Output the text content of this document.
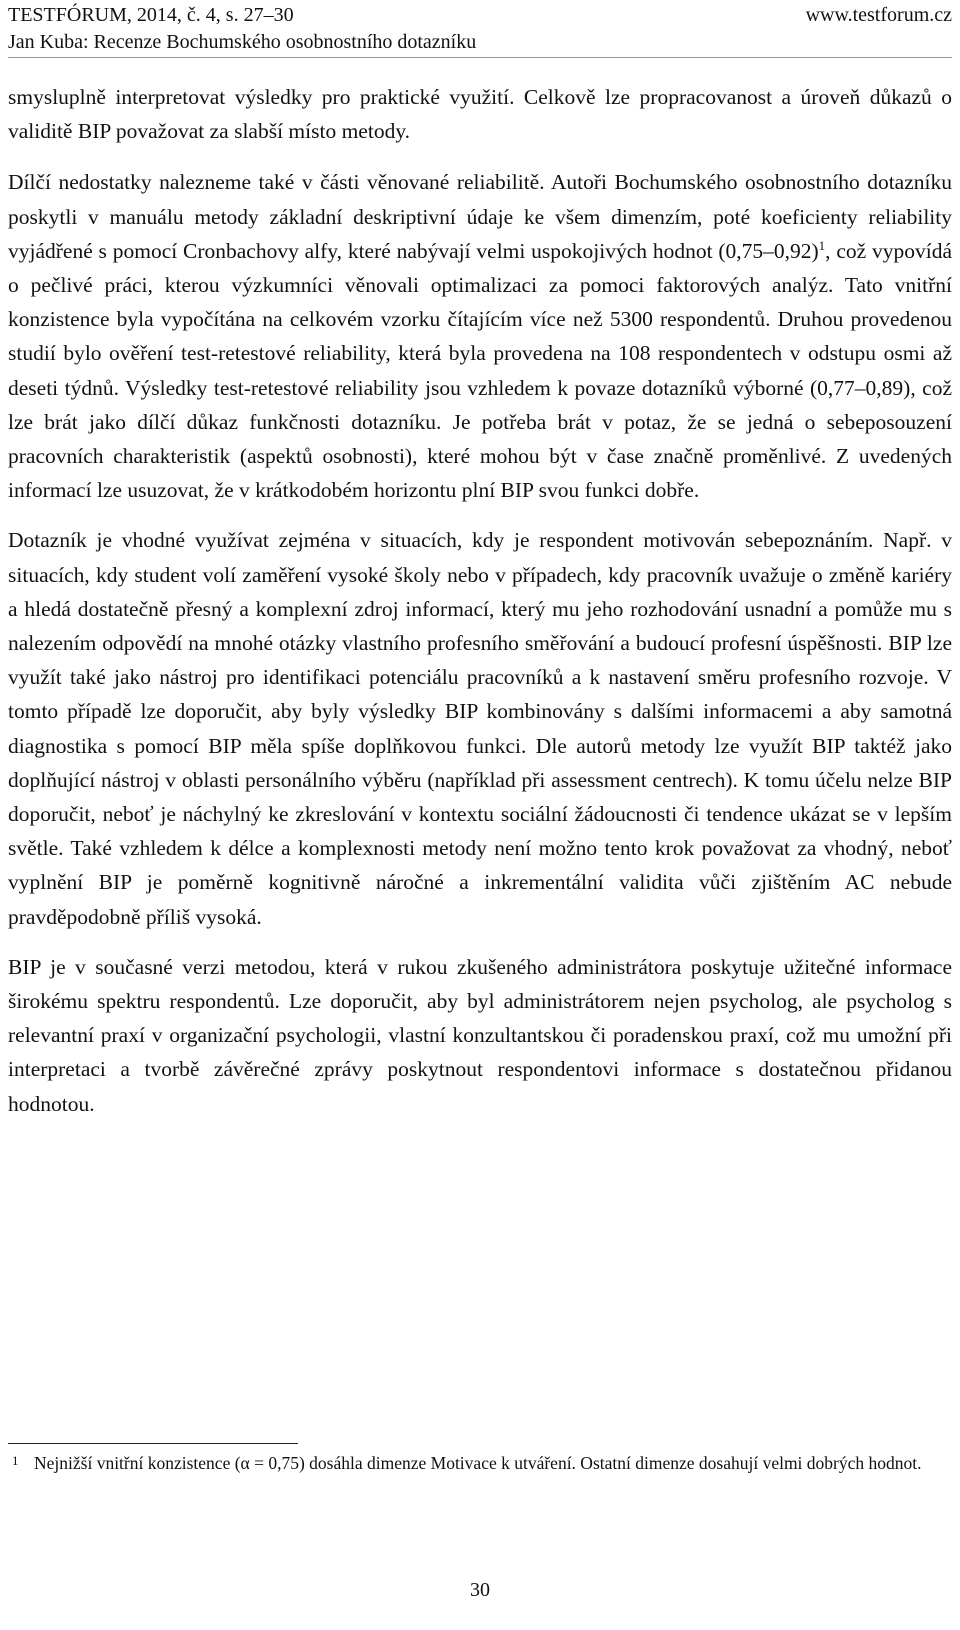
TESTFÓRUM, 2014, č. 4, s. 27–30	www.testforum.cz
Jan Kuba: Recenze Bochumského osobnostního dotazníku

smysluplně interpretovat výsledky pro praktické využití. Celkově lze propracovanost a úroveň důkazů o validitě BIP považovat za slabší místo metody.

Dílčí nedostatky nalezneme také v části věnované reliabilitě. Autoři Bochumského osobnostního dotazníku poskytli v manuálu metody základní deskriptivní údaje ke všem dimenzím, poté koeficienty reliability vyjádřené s pomocí Cronbachovy alfy, které nabývají velmi uspokojivých hodnot $(0,75-0,92)^1$, což vypovídá o pečlivé práci, kterou výzkumníci věnovali optimalizaci za pomoci faktorových analýz. Tato vnitřní konzistence byla vypočítána na celkovém vzorku čítajícím více než 5300 respondentů. Druhou provedenou studií bylo ověření test-retestové reliability, která byla provedena na 108 respondentech v odstupu osmi až deseti týdnů. Výsledky test-retestové reliability jsou vzhledem k povaze dotazníků výborné (0,77–0,89), což lze brát jako dílčí důkaz funkčnosti dotazníku. Je potřeba brát v potaz, že se jedná o sebeposouzení pracovních charakteristik (aspektů osobnosti), které mohou být v čase značně proměnlivé. Z uvedených informací lze usuzovat, že v krátkodobém horizontu plní BIP svou funkci dobře.

Dotazník je vhodné využívat zejména v situacích, kdy je respondent motivován sebepoznáním. Např. v situacích, kdy student volí zaměření vysoké školy nebo v případech, kdy pracovník uvažuje o změně kariéry a hledá dostatečně přesný a komplexní zdroj informací, který mu jeho rozhodování usnadní a pomůže mu s nalezením odpovědí na mnohé otázky vlastního profesního směřování a budoucí profesní úspěšnosti. BIP lze využít také jako nástroj pro identifikaci potenciálu pracovníků a k nastavení směru profesního rozvoje. V tomto případě lze doporučit, aby byly výsledky BIP kombinovány s dalšími informacemi a aby samotná diagnostika s pomocí BIP měla spíše doplňkovou funkci. Dle autorů metody lze využít BIP taktéž jako doplňující nástroj v oblasti personálního výběru (například při assessment centrech). K tomu účelu nelze BIP doporučit, neboť je náchylný ke zkreslování v kontextu sociální žádoucnosti či tendence ukázat se v lepším světle. Také vzhledem k délce a komplexnosti metody není možno tento krok považovat za vhodný, neboť vyplnění BIP je poměrně kognitivně náročné a inkrementální validita vůči zjištěním AC nebude pravděpodobně příliš vysoká.

BIP je v současné verzi metodou, která v rukou zkušeného administrátora poskytuje užitečné informace širokému spektru respondentů. Lze doporučit, aby byl administrátorem nejen psycholog, ale psycholog s relevantní praxí v organizační psychologii, vlastní konzultantskou či poradenskou praxí, což mu umožní při interpretaci a tvorbě závěrečné zprávy poskytnout respondentovi informace s dostatečnou přidanou hodnotou.

1 Nejnižší vnitřní konzistence (α = 0,75) dosáhla dimenze Motivace k utváření. Ostatní dimenze dosahují velmi dobrých hodnot.
30
